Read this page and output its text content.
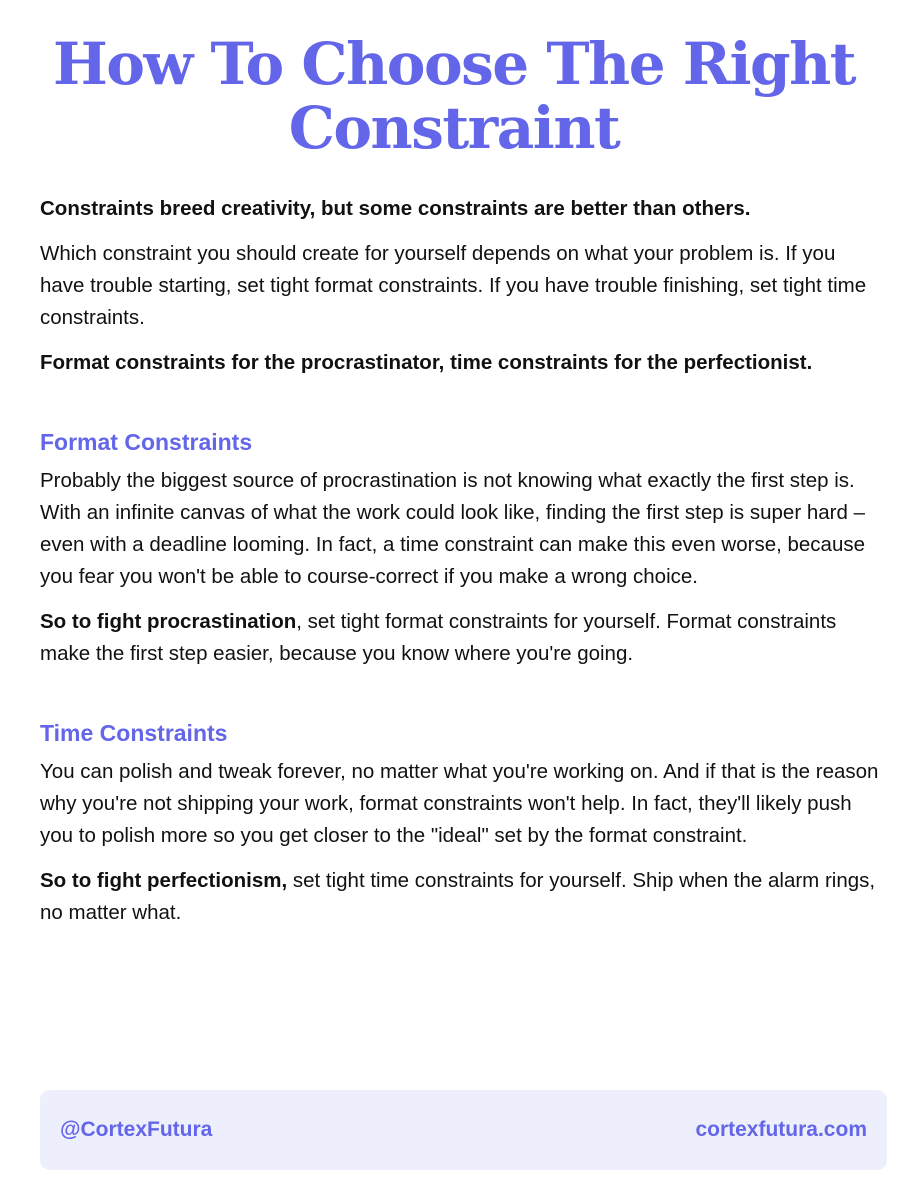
How To Choose The Right
Constraint

Constraints breed creativity, but some constraints are better than others.

Which constraint you should create for yourself depends on what your problem is. If you have trouble starting, set tight format constraints. If you have trouble finishing, set tight time constraints.

Format constraints for the procrastinator, time constraints for the perfectionist.

Format Constraints

Probably the biggest source of procrastination is not knowing what exactly the first step is. With an infinite canvas of what the work could look like, finding the first step is super hard – even with a deadline looming. In fact, a time constraint can make this even worse, because you fear you won't be able to course-correct if you make a wrong choice.

So to fight procrastination, set tight format constraints for yourself. Format constraints make the first step easier, because you know where you're going.

Time Constraints

You can polish and tweak forever, no matter what you're working on. And if that is the reason why you're not shipping your work, format constraints won't help. In fact, they'll likely push you to polish more so you get closer to the "ideal" set by the format constraint.

So to fight perfectionism, set tight time constraints for yourself. Ship when the alarm rings, no matter what.

@CortexFutura	cortexfutura.com
